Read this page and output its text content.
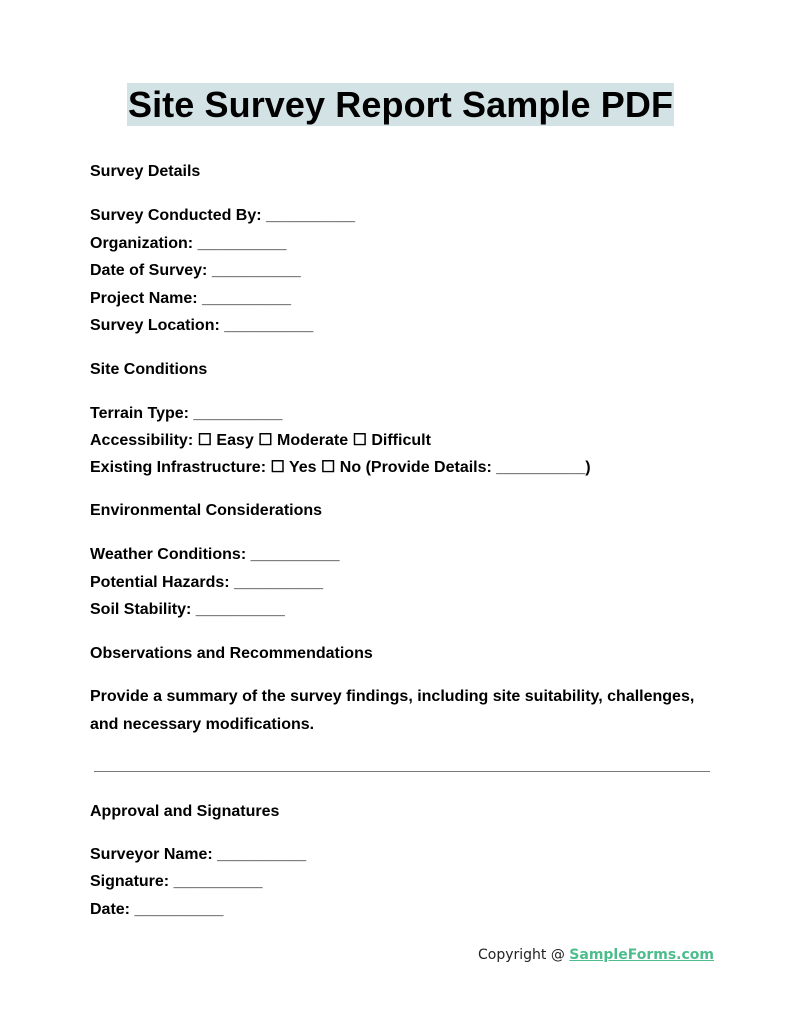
Site Survey Report Sample PDF
Survey Details
Survey Conducted By: __________
Organization: __________
Date of Survey: __________
Project Name: __________
Survey Location: __________
Site Conditions
Terrain Type: __________
Accessibility: ☐ Easy ☐ Moderate ☐ Difficult
Existing Infrastructure: ☐ Yes ☐ No (Provide Details: __________)
Environmental Considerations
Weather Conditions: __________
Potential Hazards: __________
Soil Stability: __________
Observations and Recommendations
Provide a summary of the survey findings, including site suitability, challenges, and necessary modifications.
Approval and Signatures
Surveyor Name: __________
Signature: __________
Date: __________
Copyright @ SampleForms.com
